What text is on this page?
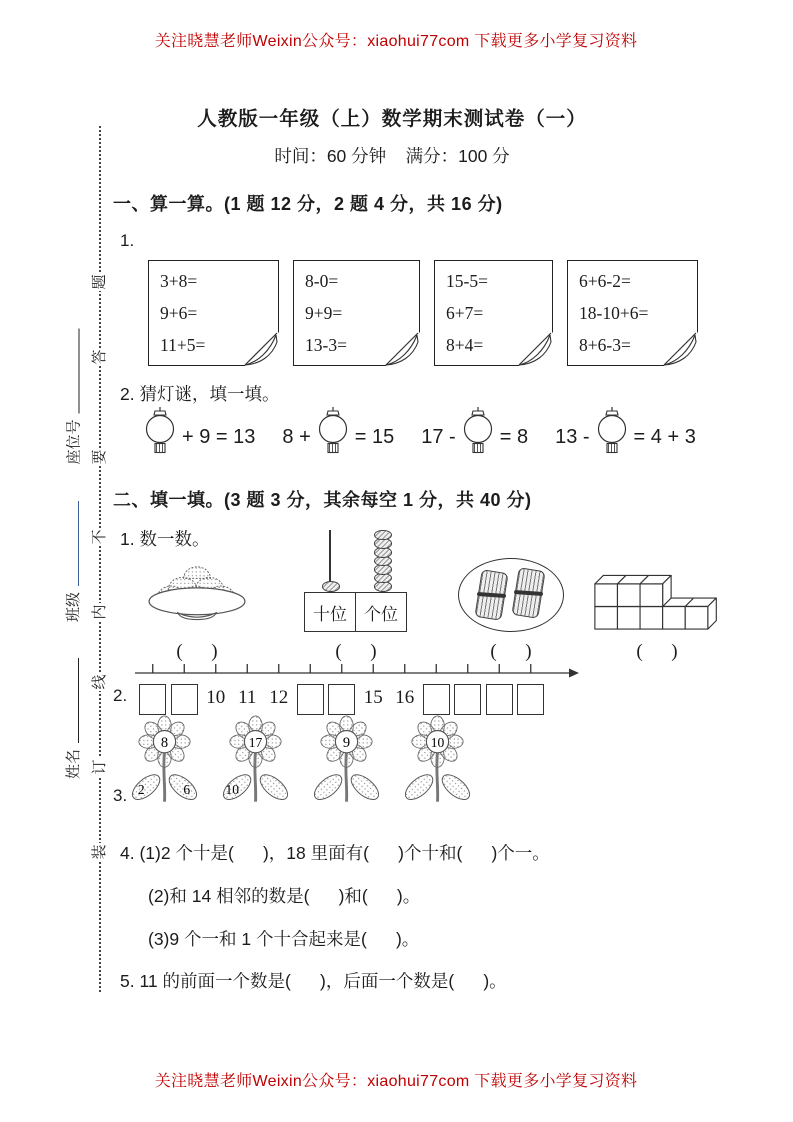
关注晓慧老师Weixin公众号：xiaohui77com 下载更多小学复习资料
关注晓慧老师Weixin公众号：xiaohui77com 下载更多小学复习资料
题
答
要
不
内
线
订
装
座位号
班级
姓名
人教版一年级（上）数学期末测试卷（一）
时间：60 分钟    满分：100 分
一、算一算。(1 题 12 分，2 题 4 分，共 16 分)
1.

3+8=

9+6=

11+5=

8-0=

9+9=

13-3=

15-5=

6+7=

8+4=

6+6-2=

18-10+6=

8+6-3=

2. 猜灯谜，填一填。
+ 9 = 13 8 + = 15 17 - = 8 13 - = 4 + 3
二、填一填。(3 题 3 分，其余每空 1 分，共 40 分)
1. 数一数。
(      )
十位	个位
(      )	(      )	(      )
2.	10 11 12	15 16
3.
8
2	6
17
10
9	10
4. (1)2 个十是(      )，18 里面有(      )个十和(      )个一。
(2)和 14 相邻的数是(      )和(      )。
(3)9 个一和 1 个十合起来是(      )。
5. 11 的前面一个数是(      )，后面一个数是(      )。
